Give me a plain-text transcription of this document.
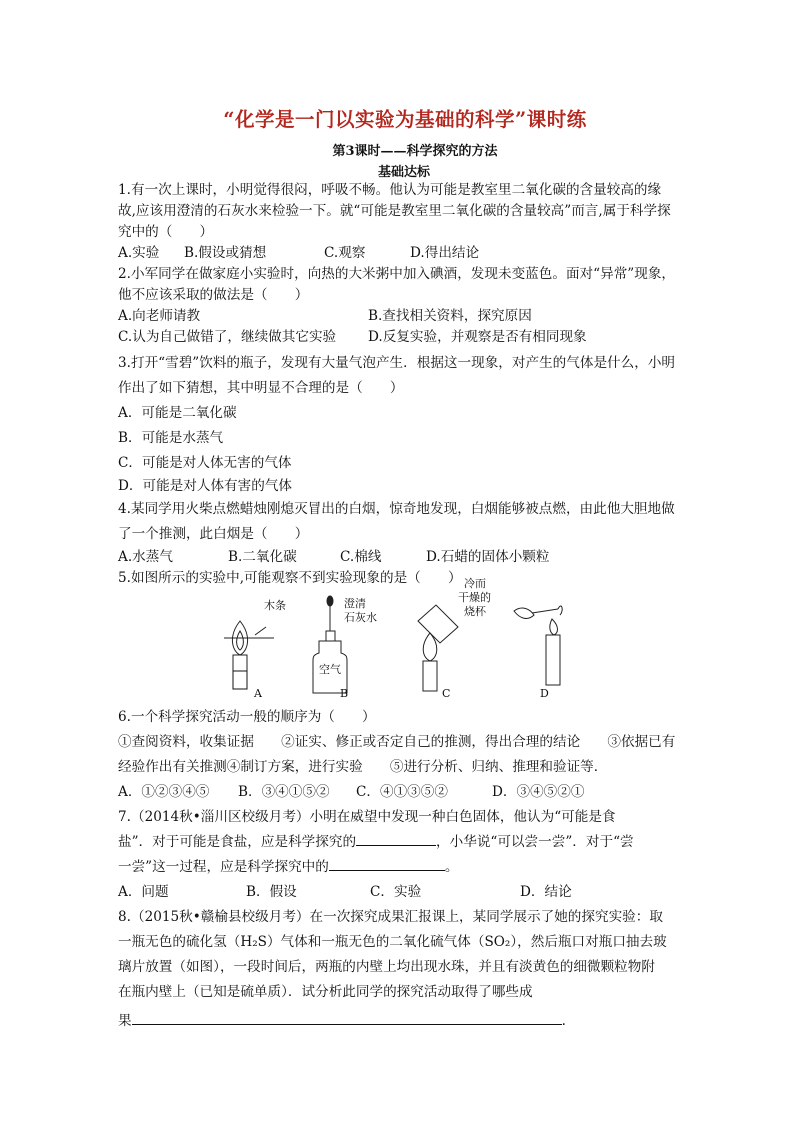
“化学是一门以实验为基础的科学”课时练
第3课时——科学探究的方法
基础达标

1.有一次上课时，小明觉得很闷，呼吸不畅。他认为可能是教室里二氧化碳的含量较高的缘故,应该用澄清的石灰水来检验一下。就“可能是教室里二氧化碳的含量较高”而言,属于科学探究中的（　　）

A.实验	B.假设或猜想	C.观察	D.得出结论

2.小军同学在做家庭小实验时，向热的大米粥中加入碘酒，发现未变蓝色。面对“异常”现象，他不应该采取的做法是（　　）

A.向老师请教	B.查找相关资料，探究原因
C.认为自己做错了，继续做其它实验	D.反复实验，并观察是否有相同现象

3.打开“雪碧”饮料的瓶子，发现有大量气泡产生．根据这一现象，对产生的气体是什么，小明作出了如下猜想，其中明显不合理的是（　　）

A．可能是二氧化碳
B．可能是水蒸气
C．可能是对人体无害的气体
D．可能是对人体有害的气体

4.某同学用火柴点燃蜡烛刚熄灭冒出的白烟，惊奇地发现，白烟能够被点燃，由此他大胆地做了一个推测，此白烟是（　　）

A.水蒸气	B.二氧化碳	C.棉线	D.石蜡的固体小颗粒

5.如图所示的实验中,可能观察不到实验现象的是（　　）

木条	澄清
石灰水
空气
冷而
干燥的
烧杯
A	B	C	D

6.一个科学探究活动一般的顺序为（　　）

①查阅资料，收集证据　　②证实、修正或否定自己的推测，得出合理的结论　　③依据已有

经验作出有关推测④制订方案，进行实验　　⑤进行分析、归纳、推理和验证等．

A．①②③④⑤	B．③④①⑤②	C．④①③⑤②	D．③④⑤②①

7.（2014秋•淄川区校级月考）小明在威望中发现一种白色固体，他认为“可能是食

盐”．对于可能是食盐，应是科学探究的	，小华说“可以尝一尝”．对于“尝

一尝”这一过程，应是科学探究中的	。

A．问题	B．假设	C．实验	D．结论

8.（2015秋•赣榆县校级月考）在一次探究成果汇报课上，某同学展示了她的探究实验：取

一瓶无色的硫化氢（H₂S）气体和一瓶无色的二氧化硫气体（SO₂），然后瓶口对瓶口抽去玻

璃片放置（如图），一段时间后，两瓶的内壁上均出现水珠，并且有淡黄色的细微颗粒物附

在瓶内壁上（已知是硫单质）．试分析此同学的探究活动取得了哪些成

果	.
